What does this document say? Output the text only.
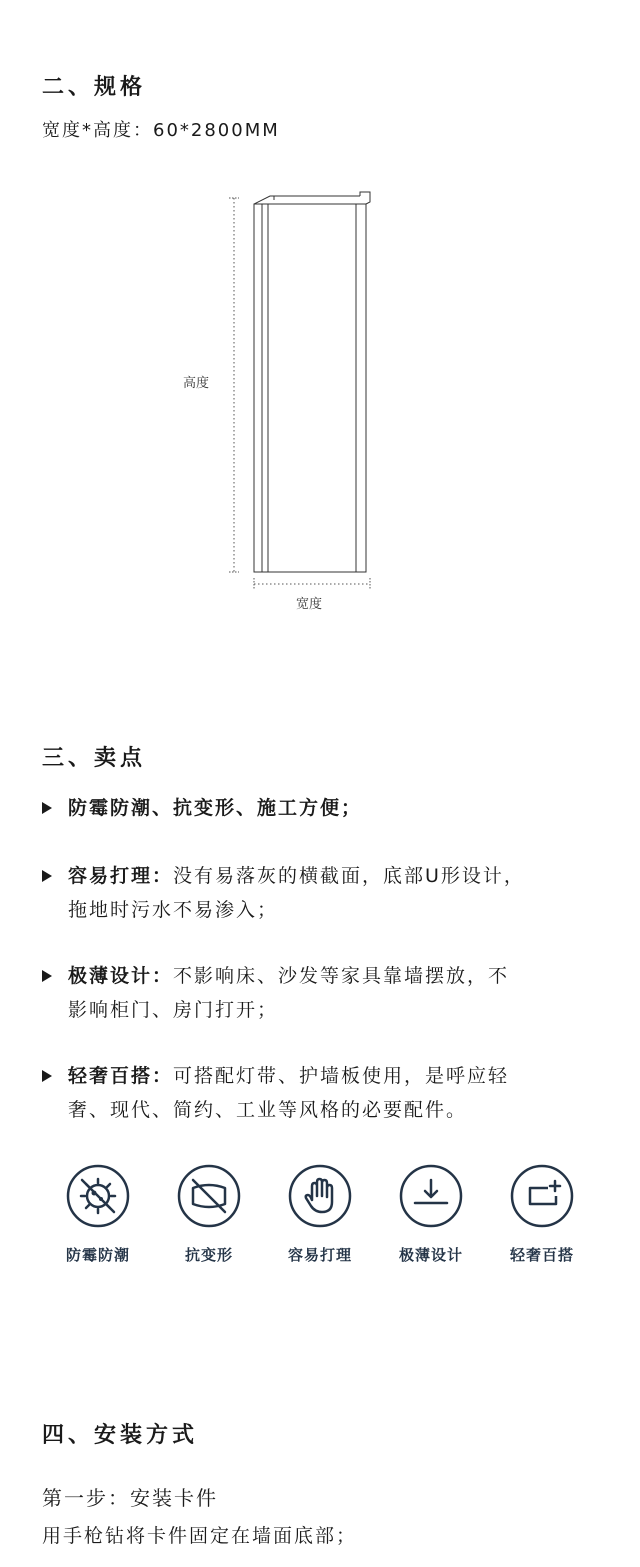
二、规格
宽度*高度：60*2800MM
高度
宽度
三、卖点
防霉防潮、抗变形、施工方便；
容易打理：没有易落灰的横截面，底部U形设计，
拖地时污水不易渗入；
极薄设计：不影响床、沙发等家具靠墙摆放，不
影响柜门、房门打开；
轻奢百搭：可搭配灯带、护墙板使用，是呼应轻
奢、现代、简约、工业等风格的必要配件。
防霉防潮	抗变形	容易打理	极薄设计	轻奢百搭
四、安装方式
第一步：安装卡件
用手枪钻将卡件固定在墙面底部；
